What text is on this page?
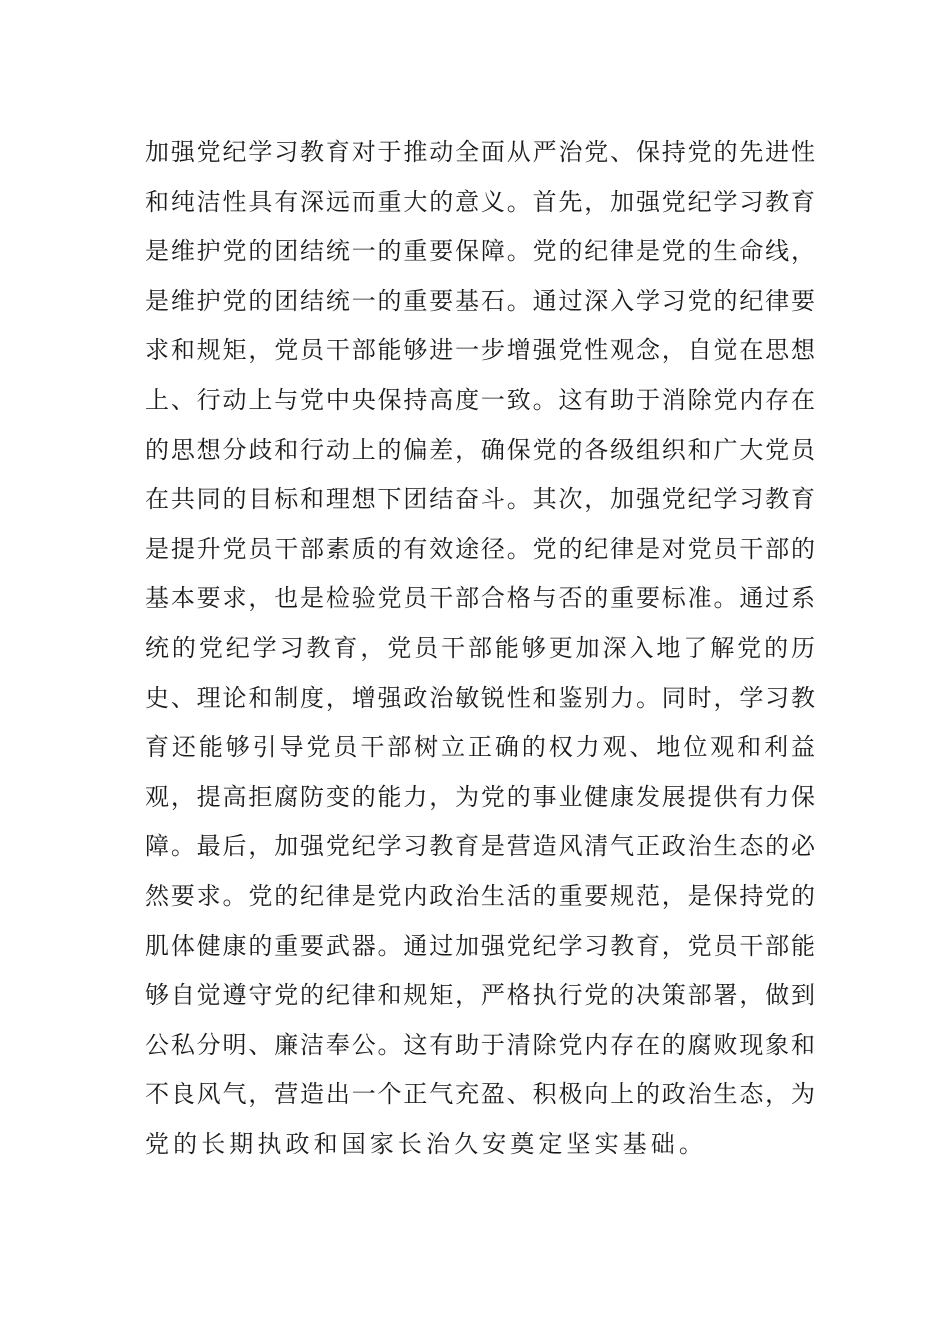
加强党纪学习教育对于推动全面从严治党、保持党的先进性
和纯洁性具有深远而重大的意义。首先，加强党纪学习教育
是维护党的团结统一的重要保障。党的纪律是党的生命线，
是维护党的团结统一的重要基石。通过深入学习党的纪律要
求和规矩，党员干部能够进一步增强党性观念，自觉在思想
上、行动上与党中央保持高度一致。这有助于消除党内存在
的思想分歧和行动上的偏差，确保党的各级组织和广大党员
在共同的目标和理想下团结奋斗。其次，加强党纪学习教育
是提升党员干部素质的有效途径。党的纪律是对党员干部的
基本要求，也是检验党员干部合格与否的重要标准。通过系
统的党纪学习教育，党员干部能够更加深入地了解党的历
史、理论和制度，增强政治敏锐性和鉴别力。同时，学习教
育还能够引导党员干部树立正确的权力观、地位观和利益
观，提高拒腐防变的能力，为党的事业健康发展提供有力保
障。最后，加强党纪学习教育是营造风清气正政治生态的必
然要求。党的纪律是党内政治生活的重要规范，是保持党的
肌体健康的重要武器。通过加强党纪学习教育，党员干部能
够自觉遵守党的纪律和规矩，严格执行党的决策部署，做到
公私分明、廉洁奉公。这有助于清除党内存在的腐败现象和
不良风气，营造出一个正气充盈、积极向上的政治生态，为
党的长期执政和国家长治久安奠定坚实基础。
